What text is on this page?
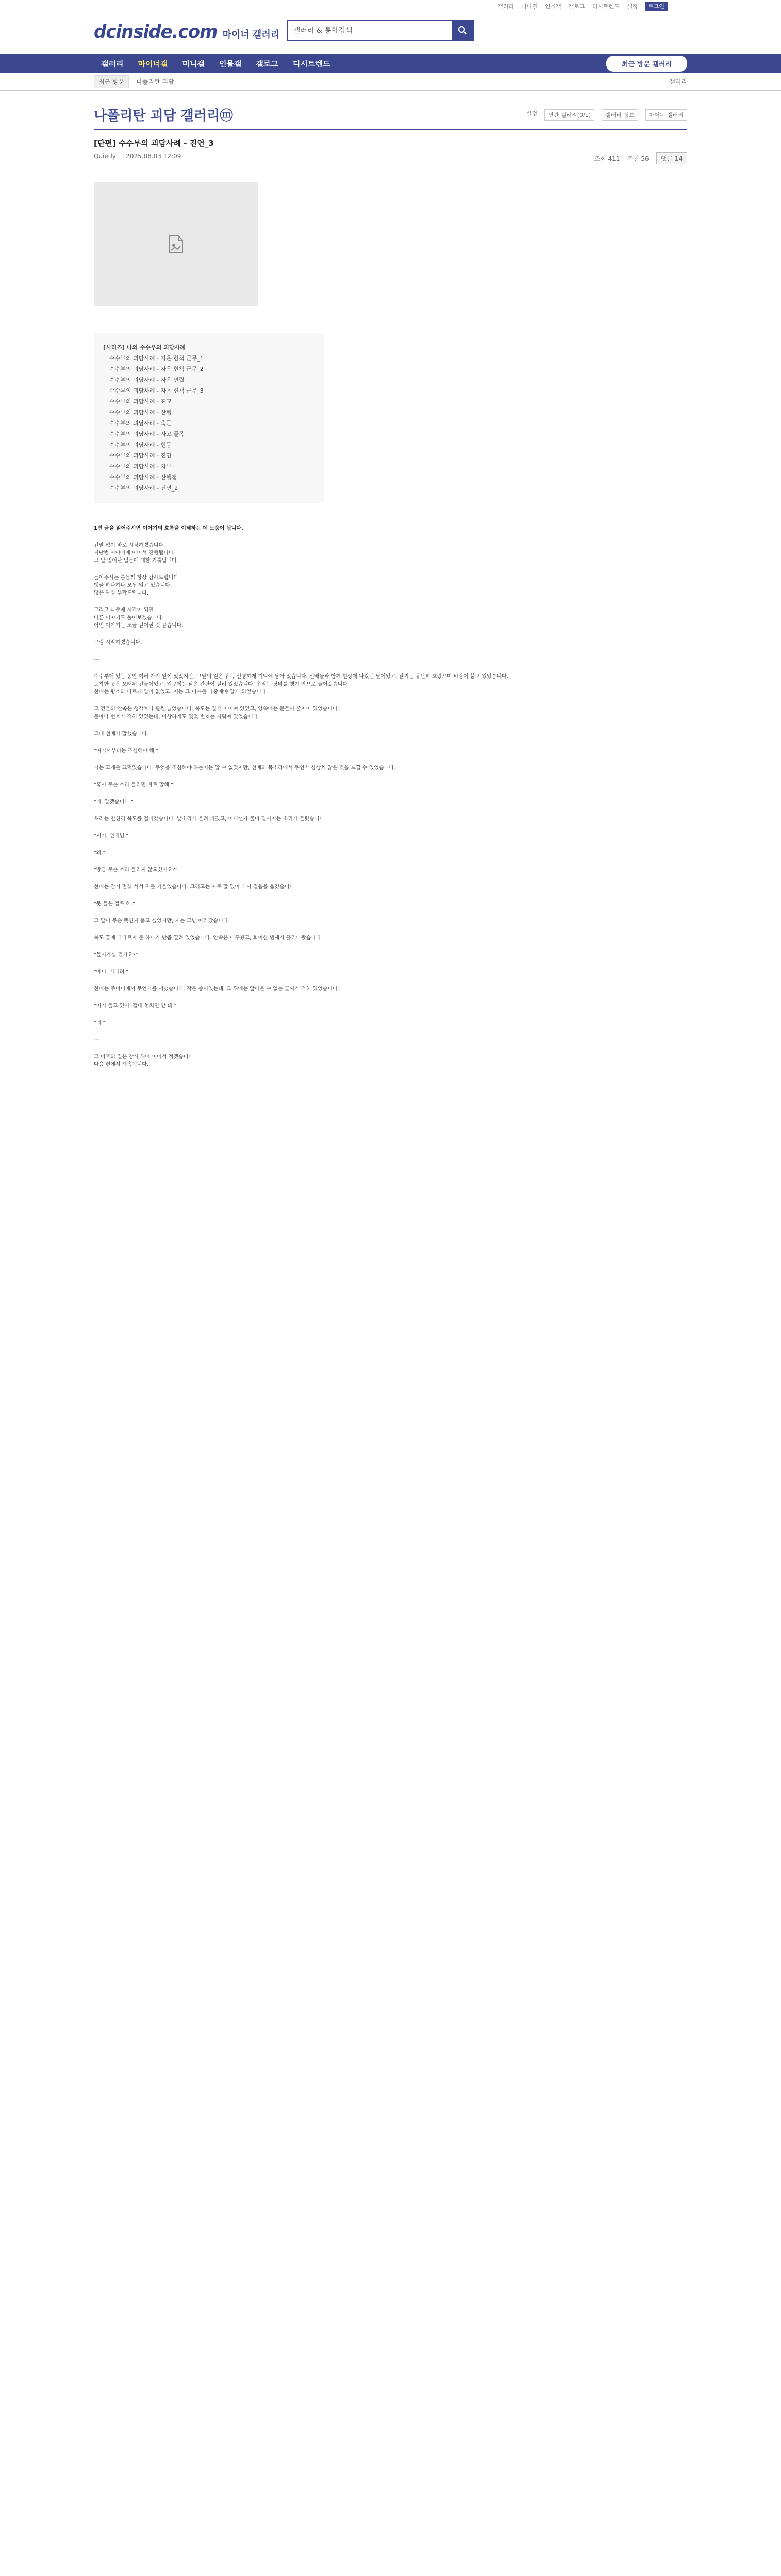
갤러리 미니갤 인물갤 갤로그 디시트렌드 설정	로그인
dcinside.com 마이너 갤러리
갤러리 & 통합검색
갤러리	마이너갤	미니갤	인물갤	갤로그	디시트렌드	최근 방문 갤러리
최근 방문	나폴리탄 괴담	갤러리
나폴리탄 괴담 갤러리ⓜ	설정	연관 갤러리(0/1)	갤러리 정보	마이너 갤러리
[단편] 수수부의 괴담사례 - 진연_3
Quietly  |  2025.08.03 12:09	조회 411 추천 56	댓글 14
[시리즈] 나의 수수부의 괴담사례
수수부의 괴담사례 - 자은 헌책 근무_1
수수부의 괴담사례 - 자은 헌책 근무_2
수수부의 괴담사례 - 자은 연립
수수부의 괴담사례 - 자은 헌책 근무_3
수수부의 괴담사례 - 표교
수수부의 괴담사례 - 산행
수수부의 괴담사례 - 축문
수수부의 괴담사례 - 사고 골목
수수부의 괴담사례 - 현동
수수부의 괴담사례 - 진연
수수부의 괴담사례 - 차부
수수부의 괴담사례 - 산행점
수수부의 괴담사례 - 진연_2
1번 글을 읽어주시면 이야기의 흐름을 이해하는 데 도움이 됩니다.

긴말 없이 바로 시작하겠습니다.
지난번 이야기에 이어서 진행됩니다.
그 날 일어난 일들에 대한 기록입니다.

들어주시는 분들께 항상 감사드립니다.
댓글 하나하나 모두 읽고 있습니다.
많은 관심 부탁드립니다.

그리고 나중에 시간이 되면
다른 이야기도 풀어보겠습니다.
이번 이야기는 조금 길어질 것 같습니다.

그럼 시작하겠습니다.

---

수수부에 있는 동안 여러 가지 일이 있었지만, 그날의 일은 유독 선명하게 기억에 남아 있습니다. 선배들과 함께 현장에 나갔던 날이었고, 날씨는 유난히 흐렸으며 바람이 불고 있었습니다.
도착한 곳은 오래된 건물이었고, 입구에는 낡은 간판이 걸려 있었습니다. 우리는 장비를 챙겨 안으로 들어갔습니다.
선배는 평소와 다르게 말이 없었고, 저는 그 이유를 나중에야 알게 되었습니다.

그 건물의 안쪽은 생각보다 훨씬 넓었습니다. 복도는 길게 이어져 있었고, 양쪽에는 문들이 줄지어 있었습니다.
문마다 번호가 적혀 있었는데, 이상하게도 몇몇 번호는 지워져 있었습니다.

그때 선배가 말했습니다.

"여기서부터는 조심해야 해."

저는 고개를 끄덕였습니다. 무엇을 조심해야 하는지는 알 수 없었지만, 선배의 목소리에서 무언가 심상치 않은 것을 느낄 수 있었습니다.

"혹시 무슨 소리 들리면 바로 말해."

"네, 알겠습니다."

우리는 천천히 복도를 걸어갔습니다. 발소리가 울려 퍼졌고, 어디선가 물이 떨어지는 소리가 들렸습니다.

"저기, 선배님."

"왜."

"방금 무슨 소리 들리지 않으셨어요?"

선배는 잠시 멈춰 서서 귀를 기울였습니다. 그러고는 아무 말 없이 다시 걸음을 옮겼습니다.

"못 들은 걸로 해."

그 말이 무슨 뜻인지 묻고 싶었지만, 저는 그냥 따라갔습니다.

복도 끝에 다다르자 문 하나가 반쯤 열려 있었습니다. 안쪽은 어두웠고, 희미한 냄새가 흘러나왔습니다.

"들어가실 건가요?"

"아니. 기다려."

선배는 주머니에서 무언가를 꺼냈습니다. 작은 종이였는데, 그 위에는 알아볼 수 없는 글씨가 적혀 있었습니다.

"이거 들고 있어. 절대 놓치면 안 돼."

"네."

---

그 이후의 일은 잠시 뒤에 이어서 적겠습니다.
다음 편에서 계속됩니다.
